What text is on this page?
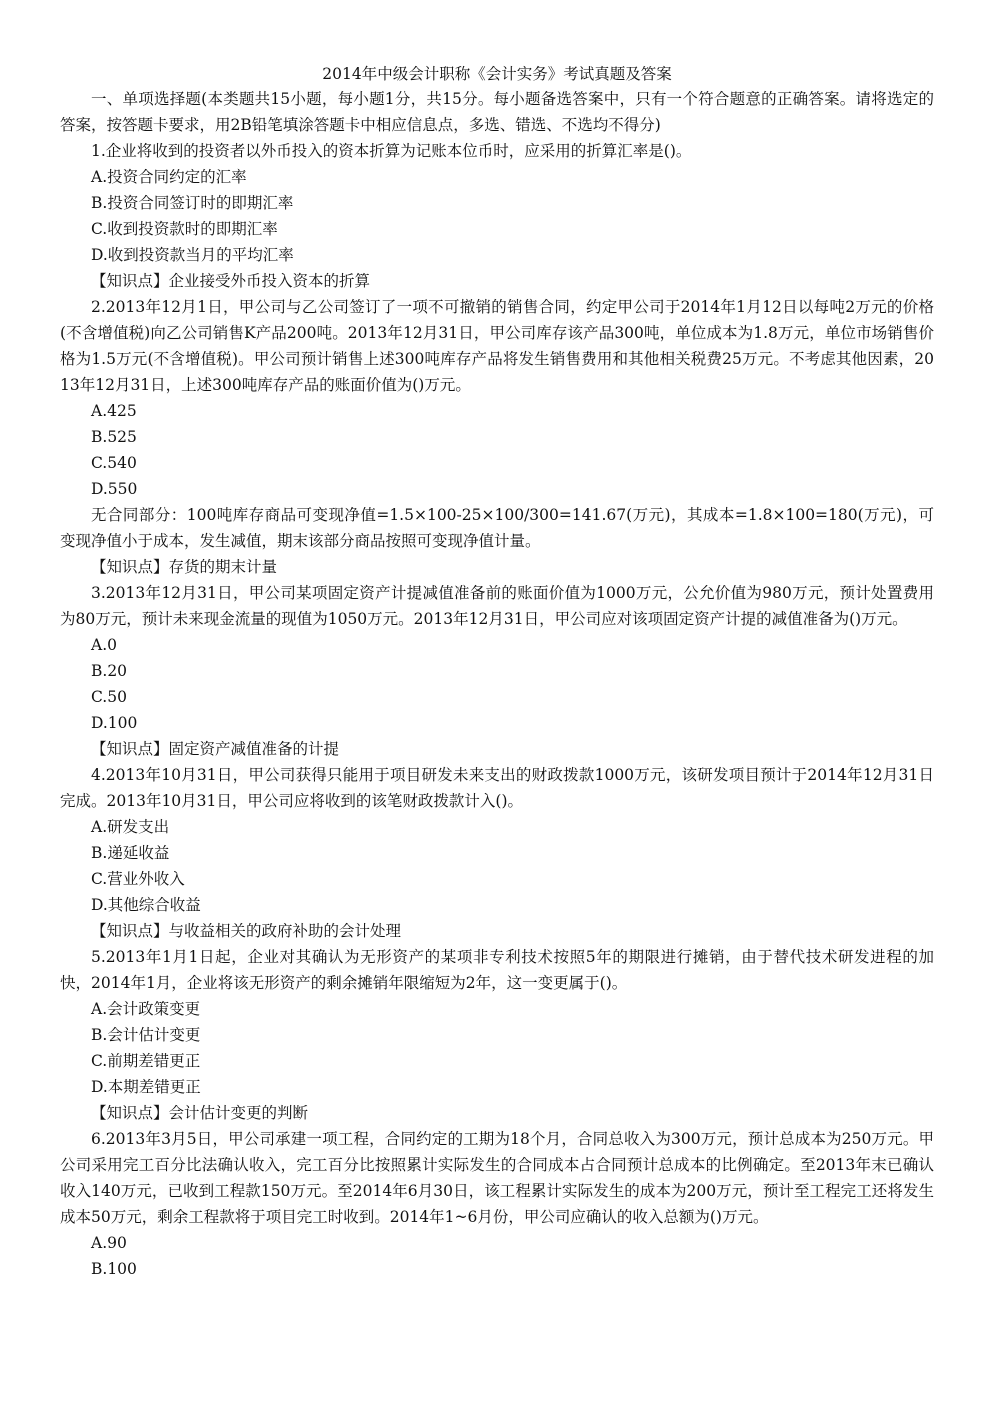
2014年中级会计职称《会计实务》考试真题及答案

一、单项选择题(本类题共15小题，每小题1分，共15分。每小题备选答案中，只有一个符合题意的正确答案。请将选定的答案，按答题卡要求，用2B铅笔填涂答题卡中相应信息点，多选、错选、不选均不得分)

1.企业将收到的投资者以外币投入的资本折算为记账本位币时，应采用的折算汇率是()。

A.投资合同约定的汇率

B.投资合同签订时的即期汇率

C.收到投资款时的即期汇率

D.收到投资款当月的平均汇率

【知识点】企业接受外币投入资本的折算

2.2013年12月1日，甲公司与乙公司签订了一项不可撤销的销售合同，约定甲公司于2014年1月12日以每吨2万元的价格(不含增值税)向乙公司销售K产品200吨。2013年12月31日，甲公司库存该产品300吨，单位成本为1.8万元，单位市场销售价格为1.5万元(不含增值税)。甲公司预计销售上述300吨库存产品将发生销售费用和其他相关税费25万元。不考虑其他因素，2013年12月31日，上述300吨库存产品的账面价值为()万元。

A.425

B.525

C.540

D.550

无合同部分：100吨库存商品可变现净值=1.5×100-25×100/300=141.67(万元)，其成本=1.8×100=180(万元)，可变现净值小于成本，发生减值，期末该部分商品按照可变现净值计量。

【知识点】存货的期末计量

3.2013年12月31日，甲公司某项固定资产计提减值准备前的账面价值为1000万元，公允价值为980万元，预计处置费用为80万元，预计未来现金流量的现值为1050万元。2013年12月31日，甲公司应对该项固定资产计提的减值准备为()万元。

A.0

B.20

C.50

D.100

【知识点】固定资产减值准备的计提

4.2013年10月31日，甲公司获得只能用于项目研发未来支出的财政拨款1000万元，该研发项目预计于2014年12月31日完成。2013年10月31日，甲公司应将收到的该笔财政拨款计入()。

A.研发支出

B.递延收益

C.营业外收入

D.其他综合收益

【知识点】与收益相关的政府补助的会计处理

5.2013年1月1日起，企业对其确认为无形资产的某项非专利技术按照5年的期限进行摊销，由于替代技术研发进程的加快，2014年1月，企业将该无形资产的剩余摊销年限缩短为2年，这一变更属于()。

A.会计政策变更

B.会计估计变更

C.前期差错更正

D.本期差错更正

【知识点】会计估计变更的判断

6.2013年3月5日，甲公司承建一项工程，合同约定的工期为18个月，合同总收入为300万元，预计总成本为250万元。甲公司采用完工百分比法确认收入，完工百分比按照累计实际发生的合同成本占合同预计总成本的比例确定。至2013年末已确认收入140万元，已收到工程款150万元。至2014年6月30日，该工程累计实际发生的成本为200万元，预计至工程完工还将发生成本50万元，剩余工程款将于项目完工时收到。2014年1~6月份，甲公司应确认的收入总额为()万元。

A.90

B.100
